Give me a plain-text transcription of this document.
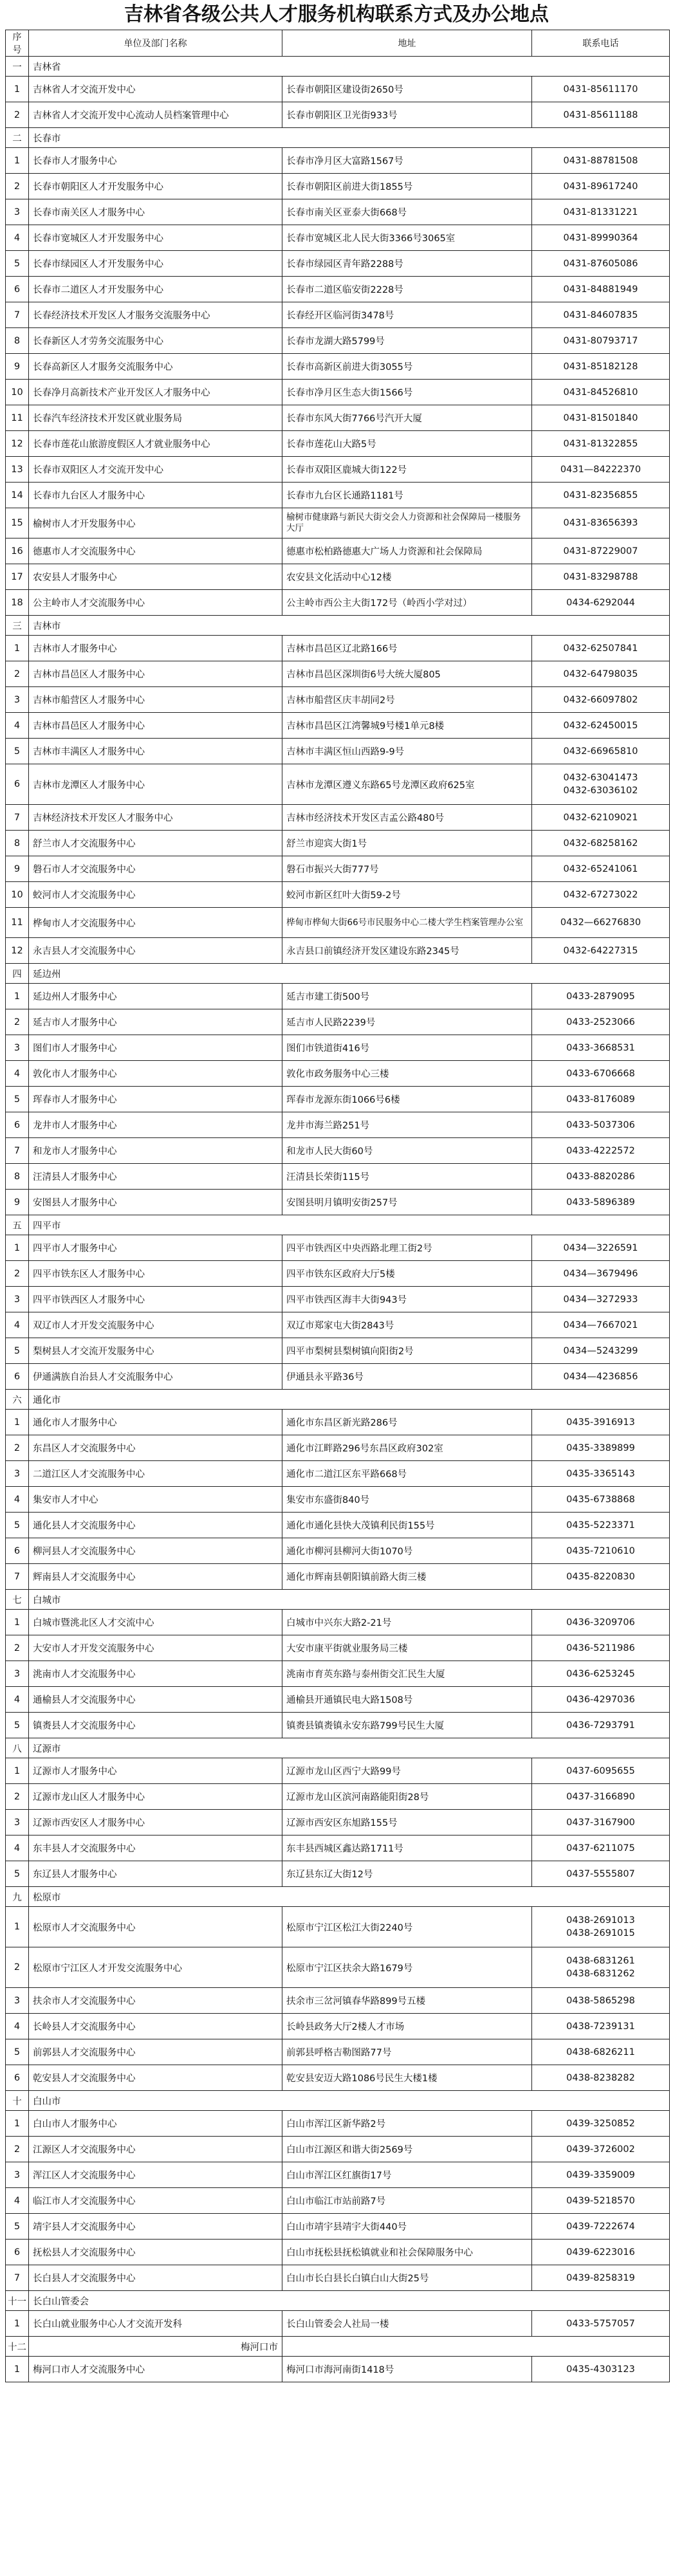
吉林省各级公共人才服务机构联系方式及办公地点
序号	单位及部门名称	地址	联系电话
一	吉林省		
1	吉林省人才交流开发中心	长春市朝阳区建设街2650号	0431-85611170
2	吉林省人才交流开发中心流动人员档案管理中心	长春市朝阳区卫光街933号	0431-85611188
二	长春市		
1	长春市人才服务中心	长春市净月区大富路1567号	0431-88781508
2	长春市朝阳区人才开发服务中心	长春市朝阳区前进大街1855号	0431-89617240
3	长春市南关区人才服务中心	长春市南关区亚泰大街668号	0431-81331221
4	长春市宽城区人才开发服务中心	长春市宽城区北人民大街3366号3065室	0431-89990364
5	长春市绿园区人才开发服务中心	长春市绿园区青年路2288号	0431-87605086
6	长春市二道区人才开发服务中心	长春市二道区临安街2228号	0431-84881949
7	长春经济技术开发区人才服务交流服务中心	长春经开区临河街3478号	0431-84607835
8	长春新区人才劳务交流服务中心	长春市龙湖大路5799号	0431-80793717
9	长春高新区人才服务交流服务中心	长春市高新区前进大街3055号	0431-85182128
10	长春净月高新技术产业开发区人才服务中心	长春市净月区生态大街1566号	0431-84526810
11	长春汽车经济技术开发区就业服务局	长春市东风大街7766号汽开大厦	0431-81501840
12	长春市莲花山旅游度假区人才就业服务中心	长春市莲花山大路5号	0431-81322855
13	长春市双阳区人才交流开发中心	长春市双阳区鹿城大街122号	0431—84222370
14	长春市九台区人才服务中心	长春市九台区长通路1181号	0431-82356855
15	榆树市人才开发服务中心	榆树市健康路与新民大街交会人力资源和社会保障局一楼服务大厅	0431-83656393
16	德惠市人才交流服务中心	德惠市松柏路德惠大广场人力资源和社会保障局	0431-87229007
17	农安县人才服务中心	农安县文化活动中心12楼	0431-83298788
18	公主岭市人才交流服务中心	公主岭市西公主大街172号（岭西小学对过）	0434-6292044
三	吉林市		
1	吉林市人才服务中心	吉林市昌邑区辽北路166号	0432-62507841
2	吉林市昌邑区人才服务中心	吉林市昌邑区深圳街6号大统大厦805	0432-64798035
3	吉林市船营区人才服务中心	吉林市船营区庆丰胡同2号	0432-66097802
4	吉林市昌邑区人才服务中心	吉林市昌邑区江湾馨城9号楼1单元8楼	0432-62450015
5	吉林市丰满区人才服务中心	吉林市丰满区恒山西路9-9号	0432-66965810
6	吉林市龙潭区人才服务中心	吉林市龙潭区遵义东路65号龙潭区政府625室	0432-63041473
0432-63036102
7	吉林经济技术开发区人才服务中心	吉林市经济技术开发区吉孟公路480号	0432-62109021
8	舒兰市人才交流服务中心	舒兰市迎宾大街1号	0432-68258162
9	磐石市人才交流服务中心	磐石市振兴大街777号	0432-65241061
10	蛟河市人才交流服务中心	蛟河市新区红叶大街59-2号	0432-67273022
11	桦甸市人才交流服务中心	桦甸市桦甸大街66号市民服务中心二楼大学生档案管理办公室	0432—66276830
12	永吉县人才交流服务中心	永吉县口前镇经济开发区建设东路2345号	0432-64227315
四	延边州		
1	延边州人才服务中心	延吉市建工街500号	0433-2879095
2	延吉市人才服务中心	延吉市人民路2239号	0433-2523066
3	图们市人才服务中心	图们市铁道街416号	0433-3668531
4	敦化市人才服务中心	敦化市政务服务中心三楼	0433-6706668
5	珲春市人才服务中心	珲春市龙源东街1066号6楼	0433-8176089
6	龙井市人才服务中心	龙井市海兰路251号	0433-5037306
7	和龙市人才服务中心	和龙市人民大街60号	0433-4222572
8	汪清县人才服务中心	汪清县长荣街115号	0433-8820286
9	安图县人才服务中心	安图县明月镇明安街257号	0433-5896389
五	四平市		
1	四平市人才服务中心	四平市铁西区中央西路北理工街2号	0434—3226591
2	四平市铁东区人才服务中心	四平市铁东区政府大厅5楼	0434—3679496
3	四平市铁西区人才服务中心	四平市铁西区海丰大街943号	0434—3272933
4	双辽市人才开发交流服务中心	双辽市郑家屯大街2843号	0434—7667021
5	梨树县人才交流开发服务中心	四平市梨树县梨树镇向阳街2号	0434—5243299
6	伊通满族自治县人才交流服务中心	伊通县永平路36号	0434—4236856
六	通化市		
1	通化市人才服务中心	通化市东昌区新光路286号	0435-3916913
2	东昌区人才交流服务中心	通化市江畔路296号东昌区政府302室	0435-3389899
3	二道江区人才交流服务中心	通化市二道江区东平路668号	0435-3365143
4	集安市人才中心	集安市东盛街840号	0435-6738868
5	通化县人才交流服务中心	通化市通化县快大茂镇利民街155号	0435-5223371
6	柳河县人才交流服务中心	通化市柳河县柳河大街1070号	0435-7210610
7	辉南县人才交流服务中心	通化市辉南县朝阳镇前路大街三楼	0435-8220830
七	白城市		
1	白城市暨洮北区人才交流中心	白城市中兴东大路2-21号	0436-3209706
2	大安市人才开发交流服务中心	大安市康平街就业服务局三楼	0436-5211986
3	洮南市人才交流服务中心	洮南市育英东路与泰州街交汇民生大厦	0436-6253245
4	通榆县人才交流服务中心	通榆县开通镇民电大路1508号	0436-4297036
5	镇赉县人才交流服务中心	镇赉县镇赉镇永安东路799号民生大厦	0436-7293791
八	辽源市		
1	辽源市人才服务中心	辽源市龙山区西宁大路99号	0437-6095655
2	辽源市龙山区人才服务中心	辽源市龙山区滨河南路能阳街28号	0437-3166890
3	辽源市西安区人才服务中心	辽源市西安区东旭路155号	0437-3167900
4	东丰县人才交流服务中心	东丰县西城区鑫达路1711号	0437-6211075
5	东辽县人才服务中心	东辽县东辽大街12号	0437-5555807
九	松原市		
1	松原市人才交流服务中心	松原市宁江区松江大街2240号	0438-2691013
0438-2691015
2	松原市宁江区人才开发交流服务中心	松原市宁江区扶余大路1679号	0438-6831261
0438-6831262
3	扶余市人才交流服务中心	扶余市三岔河镇春华路899号五楼	0438-5865298
4	长岭县人才交流服务中心	长岭县政务大厅2楼人才市场	0438-7239131
5	前郭县人才交流服务中心	前郭县呼格吉勒图路77号	0438-6826211
6	乾安县人才交流服务中心	乾安县安迈大路1086号民生大楼1楼	0438-8238282
十	白山市		
1	白山市人才服务中心	白山市浑江区新华路2号	0439-3250852
2	江源区人才交流服务中心	白山市江源区和谐大街2569号	0439-3726002
3	浑江区人才交流服务中心	白山市浑江区红旗街17号	0439-3359009
4	临江市人才交流服务中心	白山市临江市站前路7号	0439-5218570
5	靖宇县人才交流服务中心	白山市靖宇县靖宇大街440号	0439-7222674
6	抚松县人才交流服务中心	白山市抚松县抚松镇就业和社会保障服务中心	0439-6223016
7	长白县人才交流服务中心	白山市长白县长白镇白山大街25号	0439-8258319
十一	长白山管委会		
1	长白山就业服务中心人才交流开发科	长白山管委会人社局一楼	0433-5757057
十二	梅河口市		
1	梅河口市人才交流服务中心	梅河口市海河南街1418号	0435-4303123
